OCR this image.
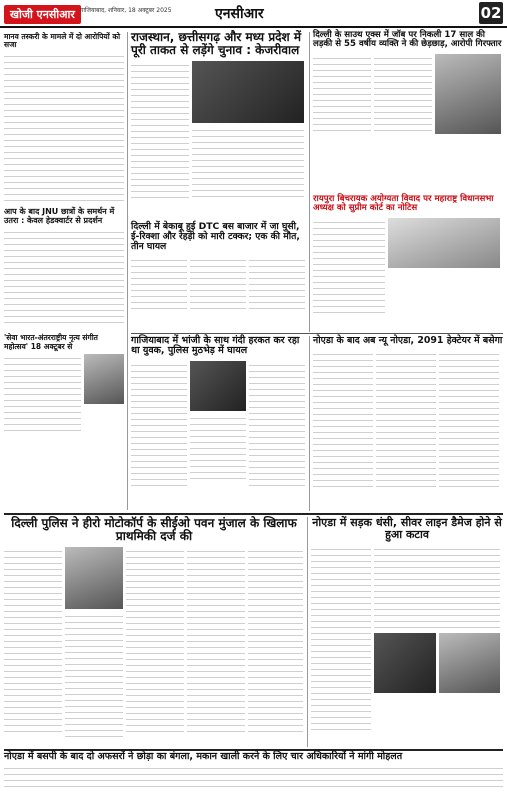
खोजी एनसीआर गाजियाबाद, शनिवार, 18 अक्टूबर 2025	एनसीआर	02
मानव तस्करी के मामले में दो आरोपियों को सजा
आप के बाद JNU छात्रों के समर्थन में उतरा : केवल हेडक्वार्टर से प्रदर्शन
'सेवा भारत-अंतरराष्ट्रीय नृत्य संगीत महोत्सव' 18 अक्टूबर से
राजस्थान, छत्तीसगढ़ और मध्य प्रदेश में पूरी ताकत से लड़ेंगे चुनाव : केजरीवाल
दिल्ली में बेकाबू हुई DTC बस बाजार में जा घुसी, ई-रिक्शा और रेहड़ी को मारी टक्कर; एक की मौत, तीन घायल
दिल्ली के साउथ एक्स में जॉब पर निकली 17 साल की लड़की से 55 वर्षीय व्यक्ति ने की छेड़छाड़, आरोपी गिरफ्तार
रायपुरा बिचरायक अयोग्यता विवाद पर महाराष्ट्र विधानसभा अध्यक्ष को सुप्रीम कोर्ट का नोटिस
गाजियाबाद में भांजी के साथ गंदी हरकत कर रहा था युवक, पुलिस मुठभेड़ में घायल
नोएडा के बाद अब न्यू नोएडा, 2091 हेक्टेयर में बसेगा
दिल्ली पुलिस ने हीरो मोटोकॉर्प के सीईओ पवन मुंजाल के खिलाफ प्राथमिकी दर्ज की
नोएडा में सड़क धंसी, सीवर लाइन डैमेज होने से हुआ कटाव
नोएडा में बसपी के बाद दो अफसरों ने छोड़ा का बंगला, मकान खाली करने के लिए चार अधिकारियों ने मांगी मोहलत
